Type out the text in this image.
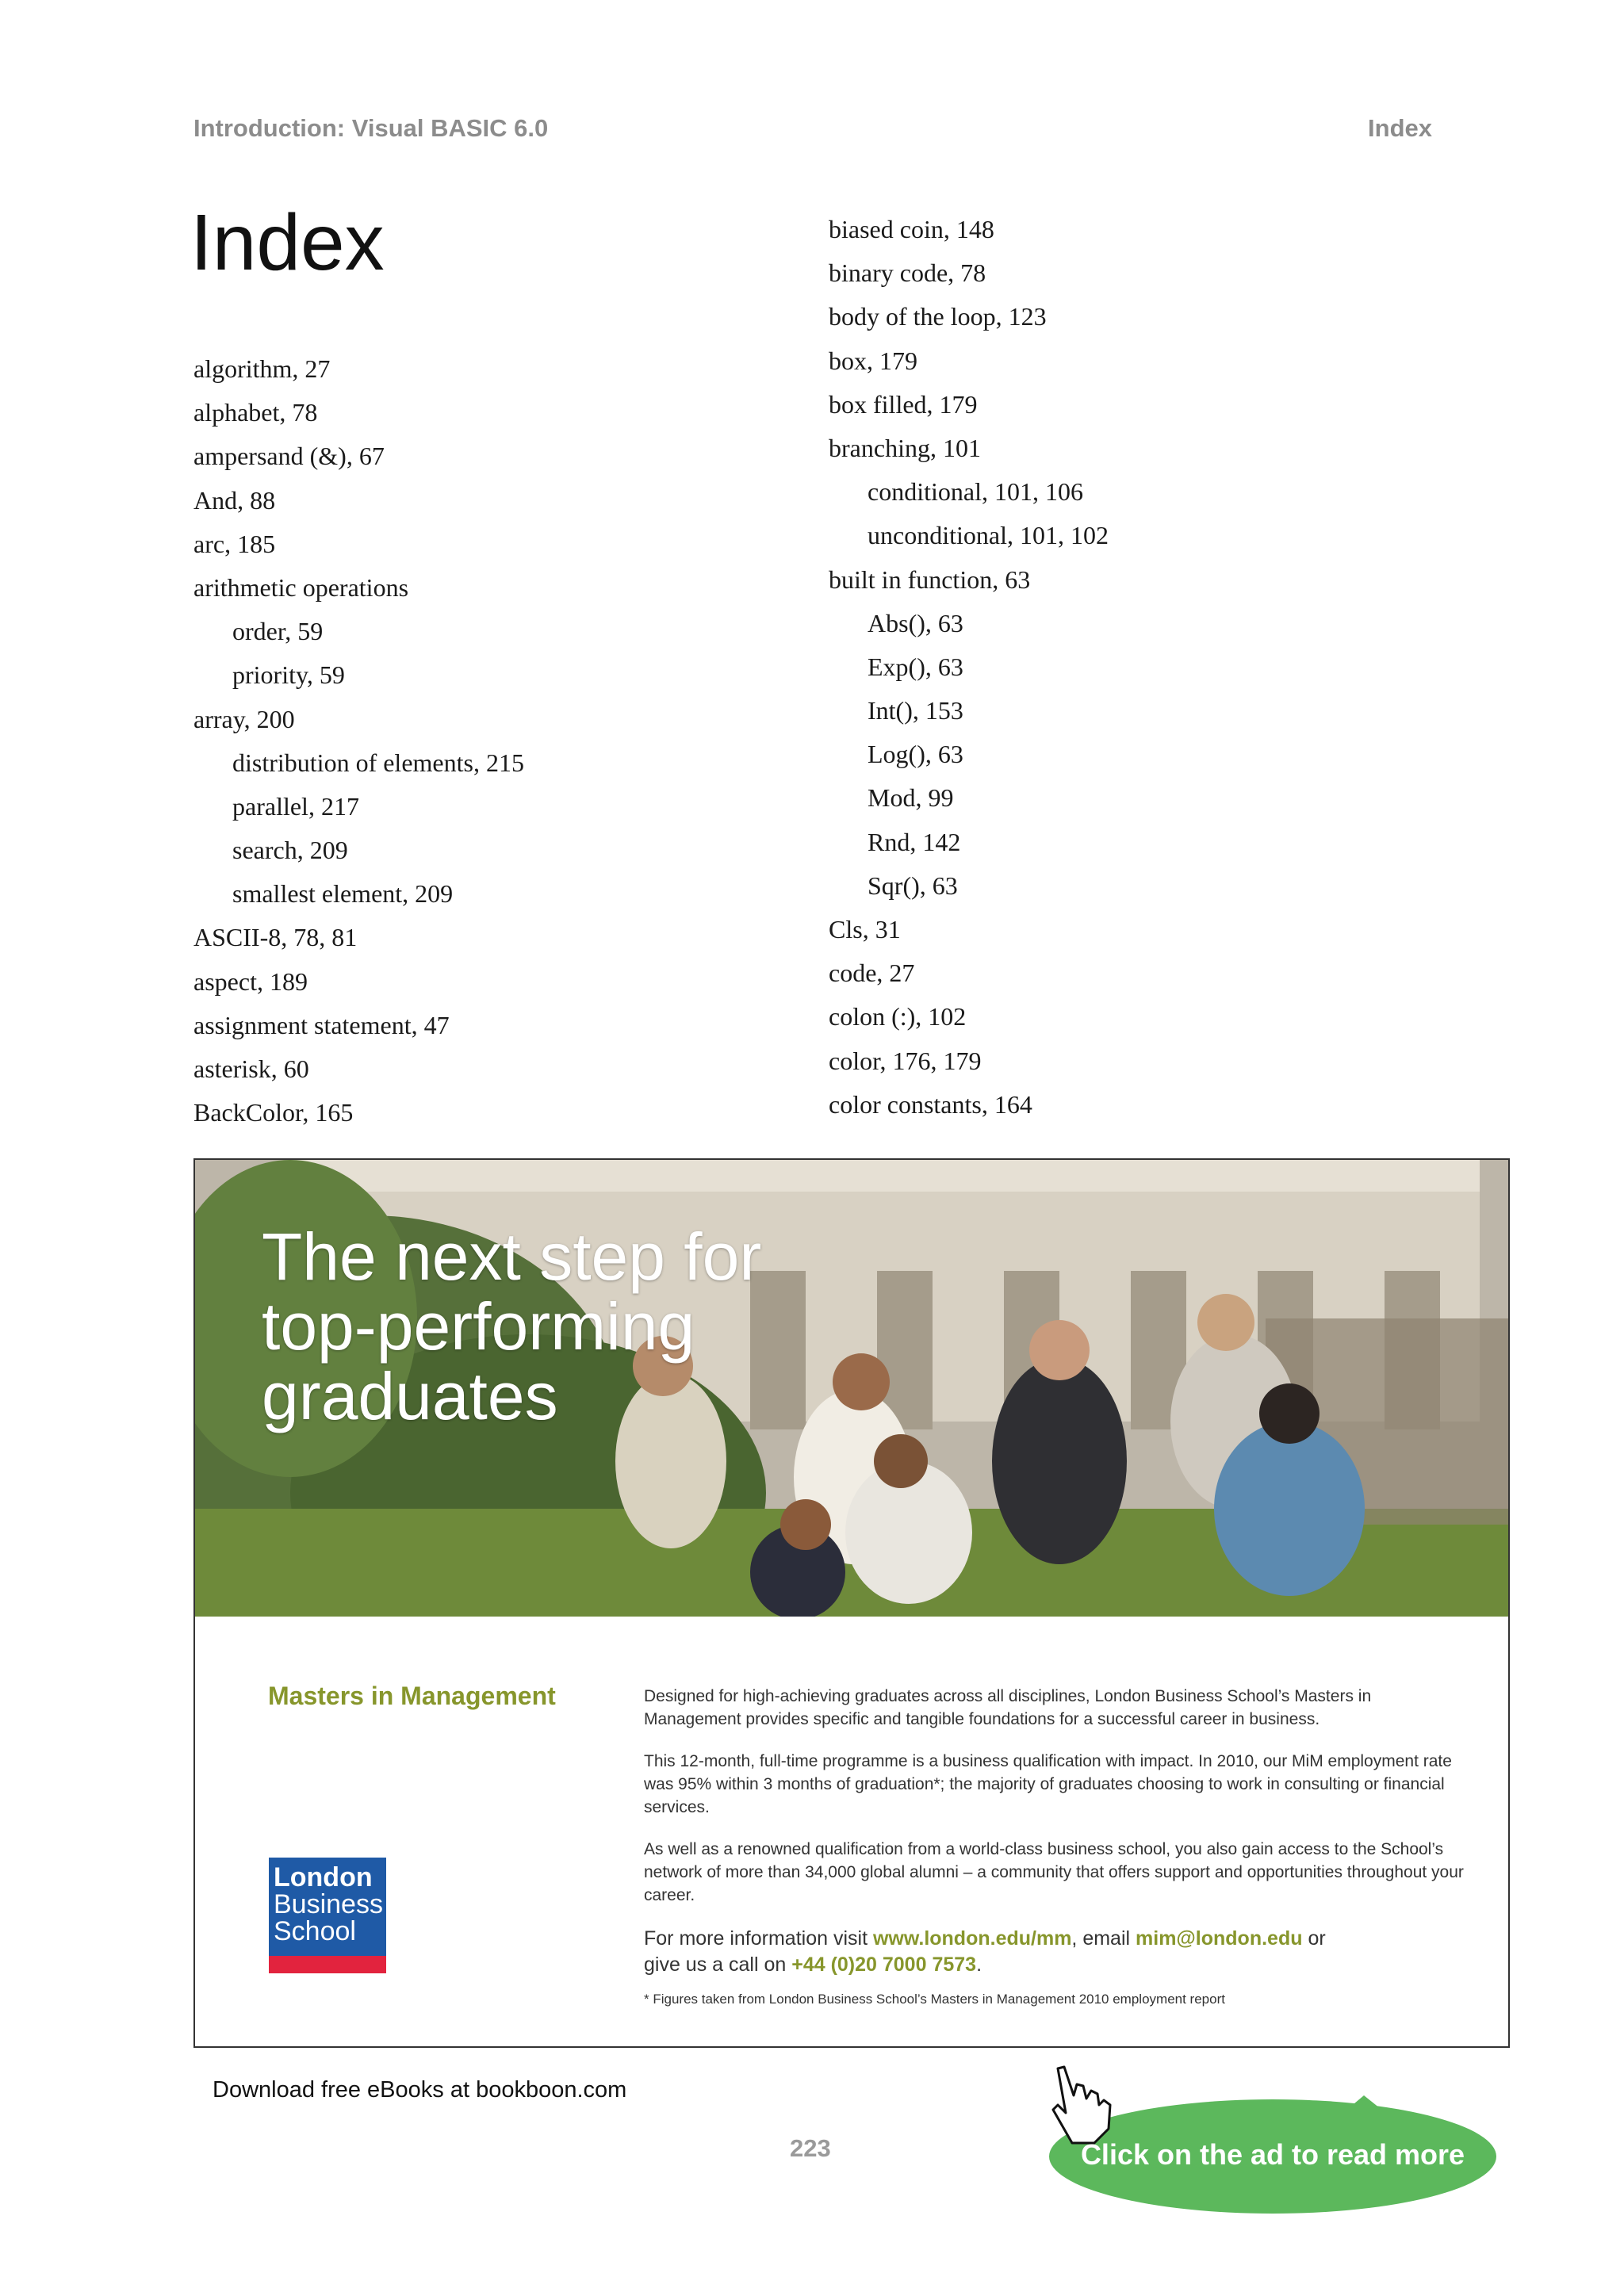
Introduction: Visual BASIC 6.0	Index
Index
algorithm, 27
alphabet, 78
ampersand (&), 67
And, 88
arc, 185
arithmetic operations
order, 59
priority, 59
array, 200
distribution of elements, 215
parallel, 217
search, 209
smallest element, 209
ASCII-8, 78, 81
aspect, 189
assignment statement, 47
asterisk, 60
BackColor, 165
biased coin, 148
binary code, 78
body of the loop, 123
box, 179
box filled, 179
branching, 101
conditional, 101, 106
unconditional, 101, 102
built in function, 63
Abs(), 63
Exp(), 63
Int(), 153
Log(), 63
Mod, 99
Rnd, 142
Sqr(), 63
Cls, 31
code, 27
colon (:), 102
color, 176, 179
color constants, 164
The next step for
top-performing
graduates
Masters in Management
London
Business
School

Designed for high-achieving graduates across all disciplines, London Business School’s Masters in Management provides specific and tangible foundations for a successful career in business.

This 12-month, full-time programme is a business qualification with impact. In 2010, our MiM employment rate was 95% within 3 months of graduation*; the majority of graduates choosing to work in consulting or financial services.

As well as a renowned qualification from a world-class business school, you also gain access to the School’s network of more than 34,000 global alumni – a community that offers support and opportunities throughout your career.

For more information visit www.london.edu/mm, email mim@london.edu or
give us a call on +44 (0)20 7000 7573.
* Figures taken from London Business School’s Masters in Management 2010 employment report
Download free eBooks at bookboon.com
223	Click on the ad to read more
